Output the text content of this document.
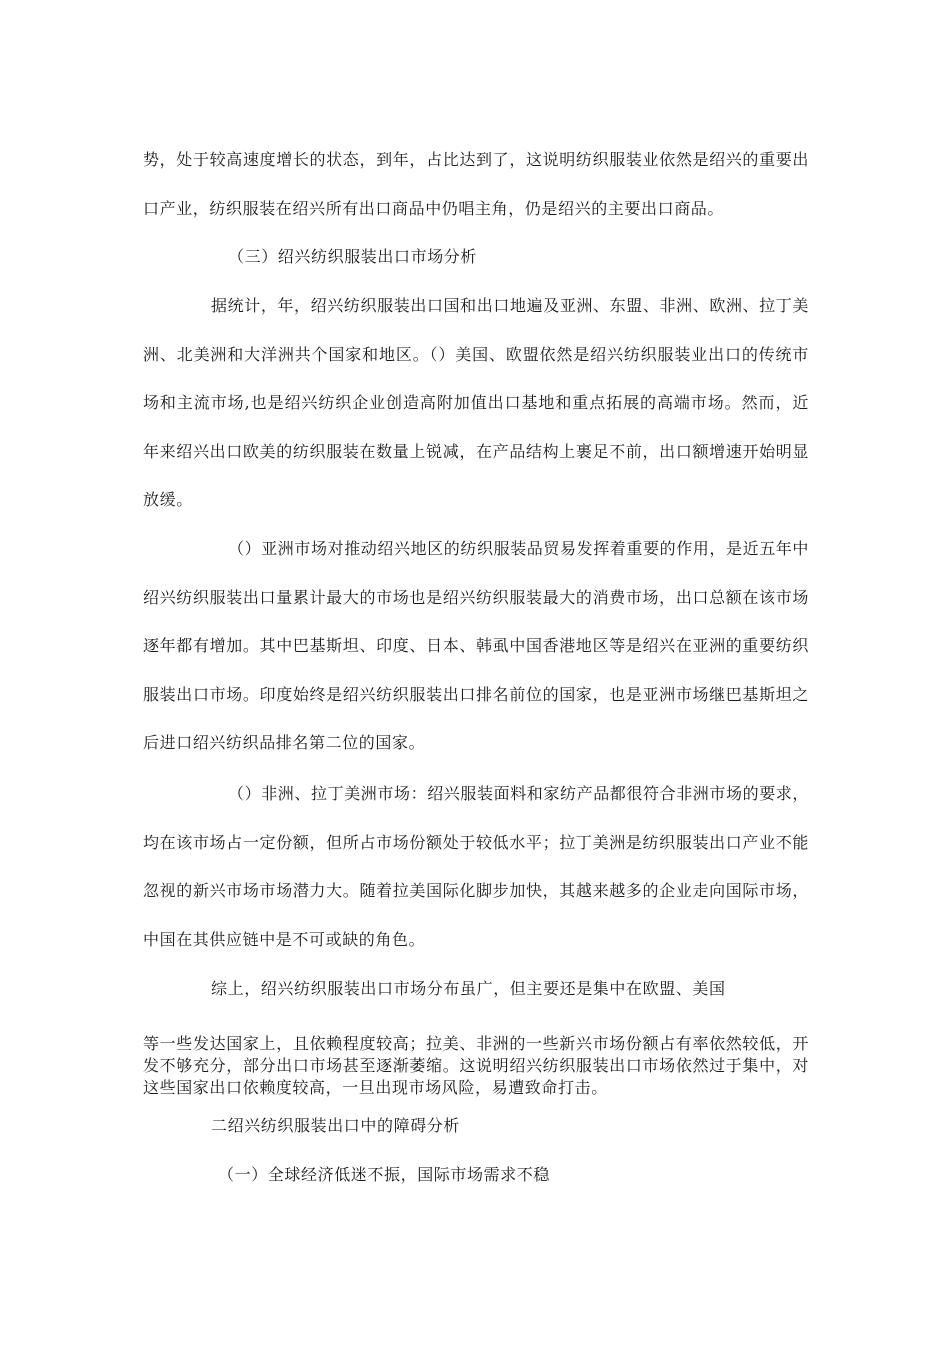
势，处于较高速度增长的状态，到年，占比达到了，这说明纺织服装业依然是绍兴的重要出口产业，纺织服装在绍兴所有出口商品中仍唱主角，仍是绍兴的主要出口商品。

（三）绍兴纺织服装出口市场分析

据统计，年，绍兴纺织服装出口国和出口地遍及亚洲、东盟、非洲、欧洲、拉丁美洲、北美洲和大洋洲共个国家和地区。（）美国、欧盟依然是绍兴纺织服装业出口的传统市场和主流市场,也是绍兴纺织企业创造高附加值出口基地和重点拓展的高端市场。然而，近年来绍兴出口欧美的纺织服装在数量上锐减，在产品结构上裹足不前，出口额增速开始明显放缓。

（）亚洲市场对推动绍兴地区的纺织服装品贸易发挥着重要的作用，是近五年中绍兴纺织服装出口量累计最大的市场也是绍兴纺织服装最大的消费市场，出口总额在该市场逐年都有增加。其中巴基斯坦、印度、日本、韩虱中国香港地区等是绍兴在亚洲的重要纺织服装出口市场。印度始终是绍兴纺织服装出口排名前位的国家，也是亚洲市场继巴基斯坦之后进口绍兴纺织品排名第二位的国家。

（）非洲、拉丁美洲市场：绍兴服装面料和家纺产品都很符合非洲市场的要求，均在该市场占一定份额，但所占市场份额处于较低水平；拉丁美洲是纺织服装出口产业不能忽视的新兴市场市场潜力大。随着拉美国际化脚步加快，其越来越多的企业走向国际市场，中国在其供应链中是不可或缺的角色。

综上，绍兴纺织服装出口市场分布虽广，但主要还是集中在欧盟、美国

等一些发达国家上，且依赖程度较高；拉美、非洲的一些新兴市场份额占有率依然较低，开发不够充分，部分出口市场甚至逐渐萎缩。这说明绍兴纺织服装出口市场依然过于集中，对这些国家出口依赖度较高，一旦出现市场风险，易遭致命打击。

二绍兴纺织服装出口中的障碍分析

（一）全球经济低迷不振，国际市场需求不稳
